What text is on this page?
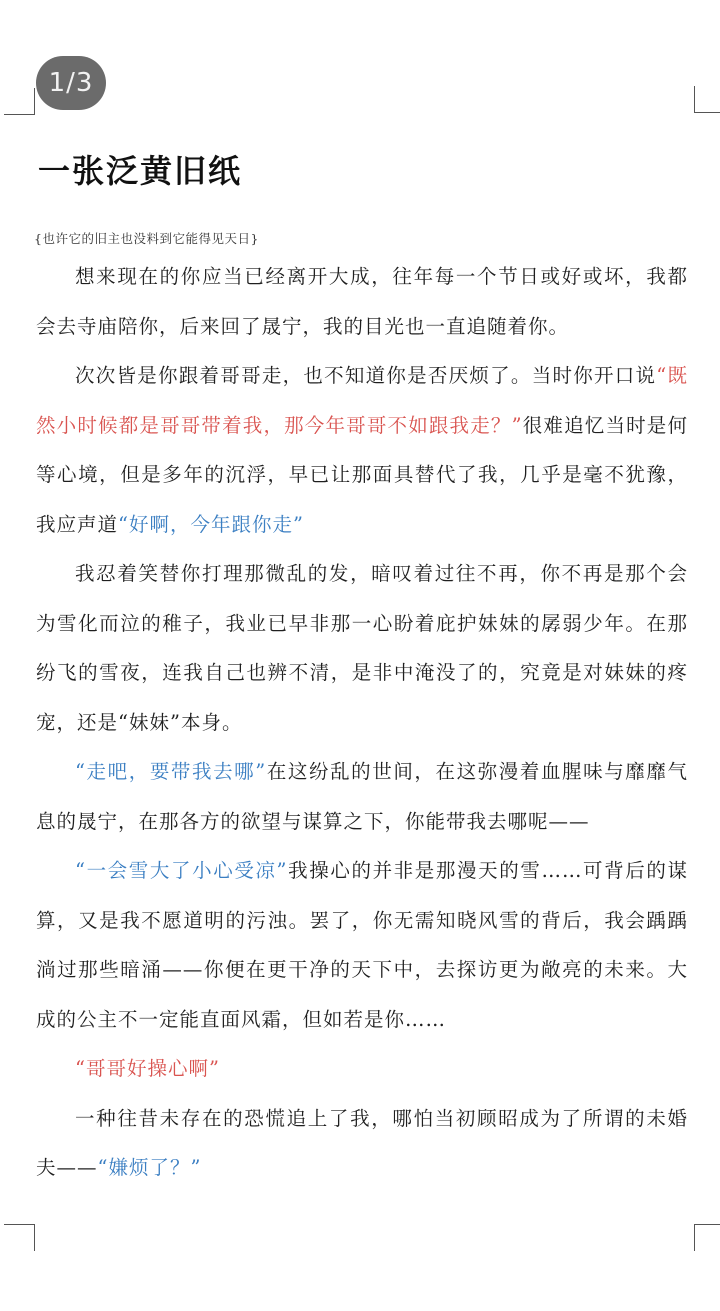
1/3
一张泛黄旧纸
{也许它的旧主也没料到它能得见天日}

想来现在的你应当已经离开大成，往年每一个节日或好或坏，我都会去寺庙陪你，后来回了晟宁，我的目光也一直追随着你。

次次皆是你跟着哥哥走，也不知道你是否厌烦了。当时你开口说“既然小时候都是哥哥带着我，那今年哥哥不如跟我走？”很难追忆当时是何等心境，但是多年的沉浮，早已让那面具替代了我，几乎是毫不犹豫，我应声道“好啊，今年跟你走”

我忍着笑替你打理那微乱的发，暗叹着过往不再，你不再是那个会为雪化而泣的稚子，我业已早非那一心盼着庇护妹妹的孱弱少年。在那纷飞的雪夜，连我自己也辨不清，是非中淹没了的，究竟是对妹妹的疼宠，还是“妹妹”本身。

“走吧，要带我去哪”在这纷乱的世间，在这弥漫着血腥味与靡靡气息的晟宁，在那各方的欲望与谋算之下，你能带我去哪呢——

“一会雪大了小心受凉”我操心的并非是那漫天的雪……可背后的谋算，又是我不愿道明的污浊。罢了，你无需知晓风雪的背后，我会踽踽淌过那些暗涌——你便在更干净的天下中，去探访更为敞亮的未来。大成的公主不一定能直面风霜，但如若是你……

“哥哥好操心啊”

一种往昔未存在的恐慌追上了我，哪怕当初顾昭成为了所谓的未婚夫——“嫌烦了？”
